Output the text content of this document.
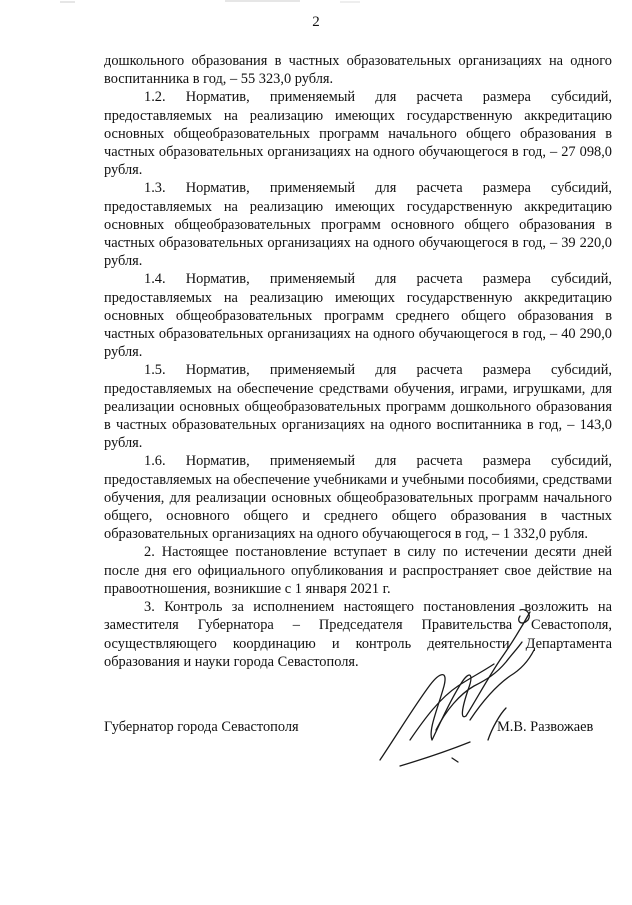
2

дошкольного образования в частных образовательных организациях на одного воспитанника в год, – 55 323,0 рубля.

1.2. Норматив, применяемый для расчета размера субсидий, предоставляемых на реализацию имеющих государственную аккредитацию основных общеобразовательных программ начального общего образования в частных образовательных организациях на одного обучающегося в год, – 27 098,0 рубля.

1.3. Норматив, применяемый для расчета размера субсидий, предоставляемых на реализацию имеющих государственную аккредитацию основных общеобразовательных программ основного общего образования в частных образовательных организациях на одного обучающегося в год, – 39 220,0 рубля.

1.4. Норматив, применяемый для расчета размера субсидий, предоставляемых на реализацию имеющих государственную аккредитацию основных общеобразовательных программ среднего общего образования в частных образовательных организациях на одного обучающегося в год, – 40 290,0 рубля.

1.5. Норматив, применяемый для расчета размера субсидий, предоставляемых на обеспечение средствами обучения, играми, игрушками, для реализации основных общеобразовательных программ дошкольного образования в частных образовательных организациях на одного воспитанника в год, – 143,0 рубля.

1.6. Норматив, применяемый для расчета размера субсидий, предоставляемых на обеспечение учебниками и учебными пособиями, средствами обучения, для реализации основных общеобразовательных программ начального общего, основного общего и среднего общего образования в частных образовательных организациях на одного обучающегося в год, – 1 332,0 рубля.

2. Настоящее постановление вступает в силу по истечении десяти дней после дня его официального опубликования и распространяет свое действие на правоотношения, возникшие с 1 января 2021 г.

3. Контроль за исполнением настоящего постановления возложить на заместителя Губернатора – Председателя Правительства Севастополя, осуществляющего координацию и контроль деятельности Департамента образования и науки города Севастополя.

Губернатор города Севастополя	М.В. Развожаев
